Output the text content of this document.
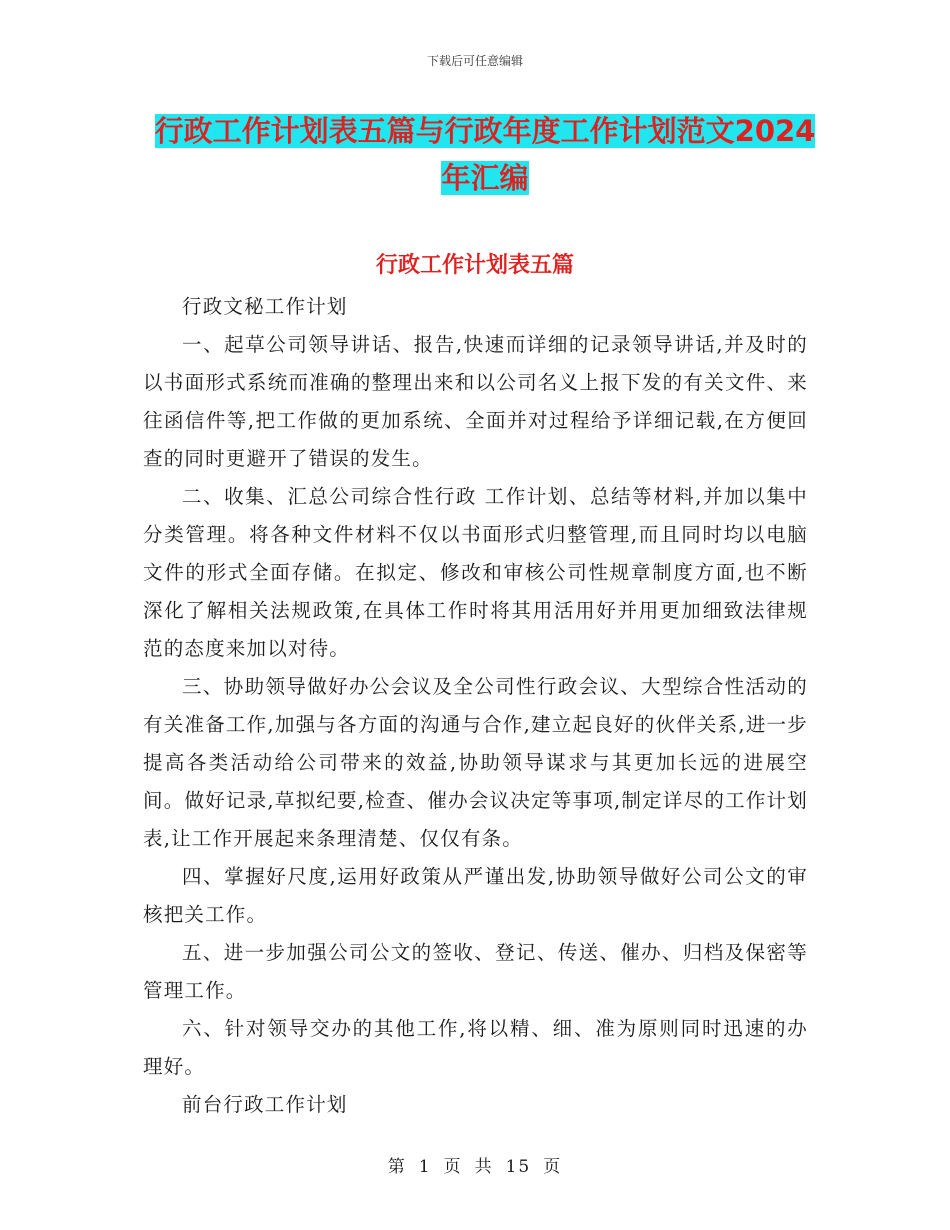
下载后可任意编辑
行政工作计划表五篇与行政年度工作计划范文2024年汇编
行政工作计划表五篇

行政文秘工作计划

一、起草公司领导讲话、报告,快速而详细的记录领导讲话,并及时的以书面形式系统而准确的整理出来和以公司名义上报下发的有关文件、来往函信件等,把工作做的更加系统、全面并对过程给予详细记载,在方便回查的同时更避开了错误的发生。

二、收集、汇总公司综合性行政 工作计划、总结等材料,并加以集中分类管理。将各种文件材料不仅以书面形式归整管理,而且同时均以电脑文件的形式全面存储。在拟定、修改和审核公司性规章制度方面,也不断深化了解相关法规政策,在具体工作时将其用活用好并用更加细致法律规范的态度来加以对待。

三、协助领导做好办公会议及全公司性行政会议、大型综合性活动的有关准备工作,加强与各方面的沟通与合作,建立起良好的伙伴关系,进一步提高各类活动给公司带来的效益,协助领导谋求与其更加长远的进展空间。做好记录,草拟纪要,检查、催办会议决定等事项,制定详尽的工作计划表,让工作开展起来条理清楚、仅仅有条。

四、掌握好尺度,运用好政策从严谨出发,协助领导做好公司公文的审核把关工作。

五、进一步加强公司公文的签收、登记、传送、催办、归档及保密等管理工作。

六、针对领导交办的其他工作,将以精、细、准为原则同时迅速的办理好。

前台行政工作计划

第 1 页 共 15 页
